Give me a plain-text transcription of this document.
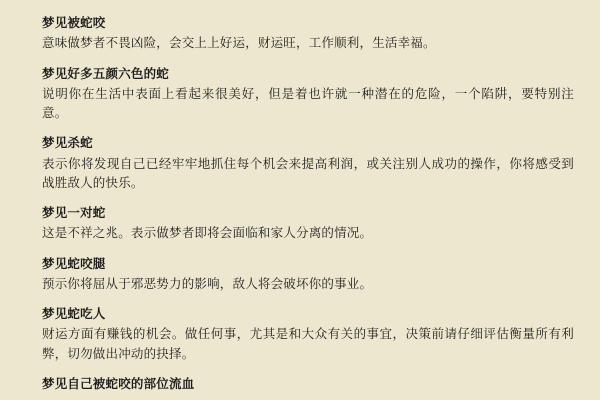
梦见被蛇咬
意味做梦者不畏凶险，会交上上好运，财运旺，工作顺利，生活幸福。
梦见好多五颜六色的蛇
说明你在生活中表面上看起来很美好，但是着也许就一种潜在的危险，一个陷阱，要特别注意。
梦见杀蛇
表示你将发现自己已经牢牢地抓住每个机会来提高利润，或关注别人成功的操作，你将感受到战胜敌人的快乐。
梦见一对蛇
这是不祥之兆。表示做梦者即将会面临和家人分离的情况。
梦见蛇咬腿
预示你将屈从于邪恶势力的影响，敌人将会破坏你的事业。
梦见蛇吃人
财运方面有赚钱的机会。做任何事，尤其是和大众有关的事宜，决策前请仔细评估衡量所有利弊，切勿做出冲动的抉择。
梦见自己被蛇咬的部位流血
